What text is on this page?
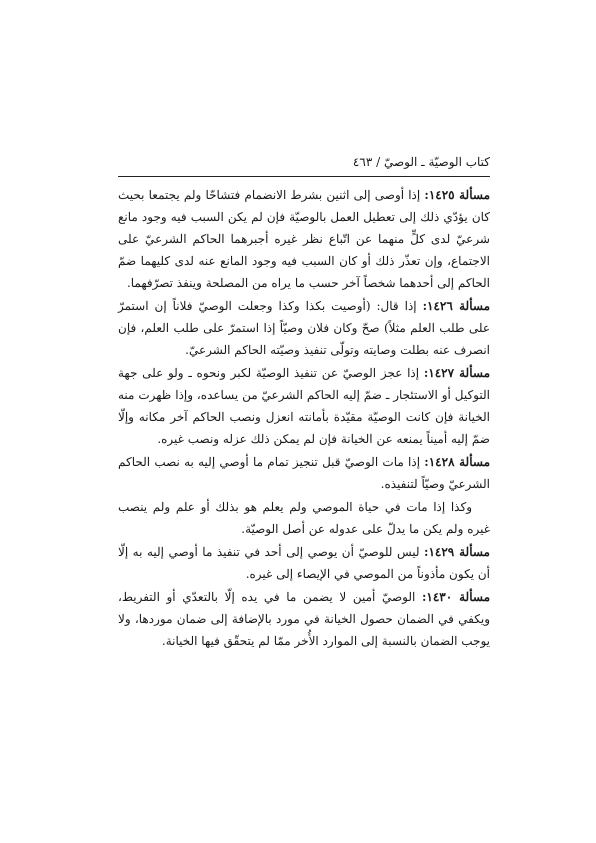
كتاب الوصيّة ـ الوصيّ / ٤٦٣

مسألة ١٤٢٥: إذا أوصى إلى اثنين بشرط الانضمام فتشاحّا ولم يجتمعا بحيث كان يؤدّي ذلك إلى تعطيل العمل بالوصيّة فإن لم يكن السبب فيه وجود مانع شرعيّ لدى كلٍّ منهما عن اتّباع نظر غيره أجبرهما الحاكم الشرعيّ على الاجتماع، وإن تعذّر ذلك أو كان السبب فيه وجود المانع عنه لدى كليهما ضمّ الحاكم إلى أحدهما شخصاً آخر حسب ما يراه من المصلحة وينفذ تصرّفهما.

مسألة ١٤٢٦: إذا قال: (أوصيت بكذا وكذا وجعلت الوصيّ فلاناً إن استمرّ على طلب العلم مثلاً) صحّ وكان فلان وصيّاً إذا استمرّ على طلب العلم، فإن انصرف عنه بطلت وصايته وتولّى تنفيذ وصيّته الحاكم الشرعيّ.

مسألة ١٤٢٧: إذا عجز الوصيّ عن تنفيذ الوصيّة لكبر ونحوه ـ ولو على جهة التوكيل أو الاستئجار ـ ضمّ إليه الحاكم الشرعيّ من يساعده، وإذا ظهرت منه الخيانة فإن كانت الوصيّة مقيّدة بأمانته انعزل ونصب الحاكم آخر مكانه وإلّا ضمّ إليه أميناً يمنعه عن الخيانة فإن لم يمكن ذلك عزله ونصب غيره.

مسألة ١٤٢٨: إذا مات الوصيّ قبل تنجيز تمام ما أوصي إليه به نصب الحاكم الشرعيّ وصيّاً لتنفيذه.

وكذا إذا مات في حياة الموصي ولم يعلم هو بذلك أو علم ولم ينصب غيره ولم يكن ما يدلّ على عدوله عن أصل الوصيّة.

مسألة ١٤٢٩: ليس للوصيّ أن يوصي إلى أحد في تنفيذ ما أوصي إليه به إلّا أن يكون مأذوناً من الموصي في الإيصاء إلى غيره.

مسألة ١٤٣٠: الوصيّ أمين لا يضمن ما في يده إلّا بالتعدّي أو التفريط، ويكفي في الضمان حصول الخيانة في مورد بالإضافة إلى ضمان موردها، ولا يوجب الضمان بالنسبة إلى الموارد الأُخر ممّا لم يتحقّق فيها الخيانة.
